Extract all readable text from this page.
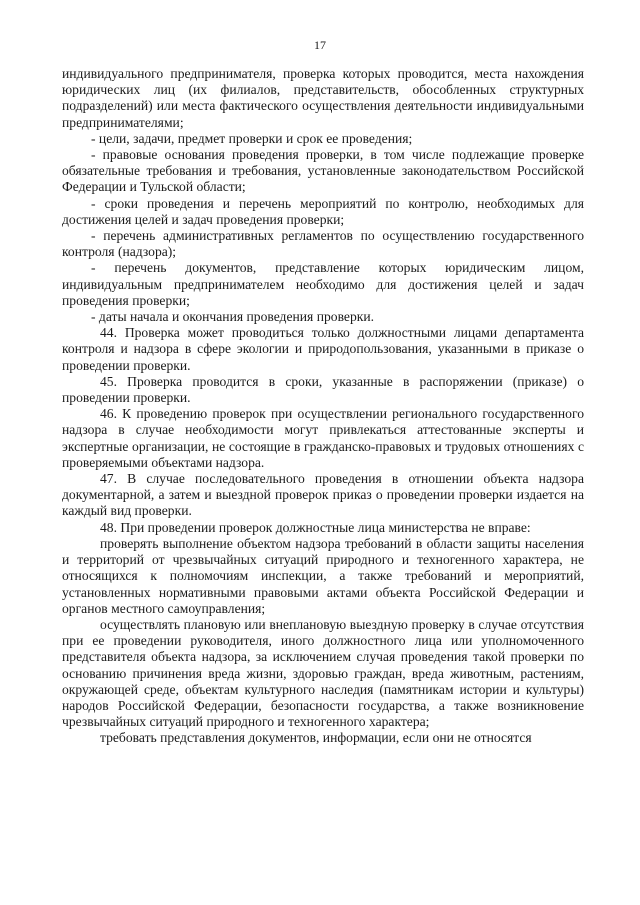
17

индивидуального предпринимателя, проверка которых проводится, места нахождения юридических лиц (их филиалов, представительств, обособленных структурных подразделений) или места фактического осуществления деятельности индивидуальными предпринимателями;

- цели, задачи, предмет проверки и срок ее проведения;

- правовые основания проведения проверки, в том числе подлежащие проверке обязательные требования и требования, установленные законодательством Российской Федерации и Тульской области;

- сроки проведения и перечень мероприятий по контролю, необходимых для достижения целей и задач проведения проверки;

- перечень административных регламентов по осуществлению государственного контроля (надзора);

- перечень документов, представление которых юридическим лицом, индивидуальным предпринимателем необходимо для достижения целей и задач проведения проверки;

- даты начала и окончания проведения проверки.

44. Проверка может проводиться только должностными лицами департамента контроля и надзора в сфере экологии и природопользования, указанными в приказе о проведении проверки.

45. Проверка проводится в сроки, указанные в распоряжении (приказе) о проведении проверки.

46. К проведению проверок при осуществлении регионального государственного надзора в случае необходимости могут привлекаться аттестованные эксперты и экспертные организации, не состоящие в гражданско-правовых и трудовых отношениях с проверяемыми объектами надзора.

47. В случае последовательного проведения в отношении объекта надзора документарной, а затем и выездной проверок приказ о проведении проверки издается на каждый вид проверки.

48. При проведении проверок должностные лица министерства не вправе:

проверять выполнение объектом надзора требований в области защиты населения и территорий от чрезвычайных ситуаций природного и техногенного характера, не относящихся к полномочиям инспекции, а также требований и мероприятий, установленных нормативными правовыми актами объекта Российской Федерации и органов местного самоуправления;

осуществлять плановую или внеплановую выездную проверку в случае отсутствия при ее проведении руководителя, иного должностного лица или уполномоченного представителя объекта надзора, за исключением случая проведения такой проверки по основанию причинения вреда жизни, здоровью граждан, вреда животным, растениям, окружающей среде, объектам культурного наследия (памятникам истории и культуры) народов Российской Федерации, безопасности государства, а также возникновение чрезвычайных ситуаций природного и техногенного характера;

требовать представления документов, информации, если они не относятся
